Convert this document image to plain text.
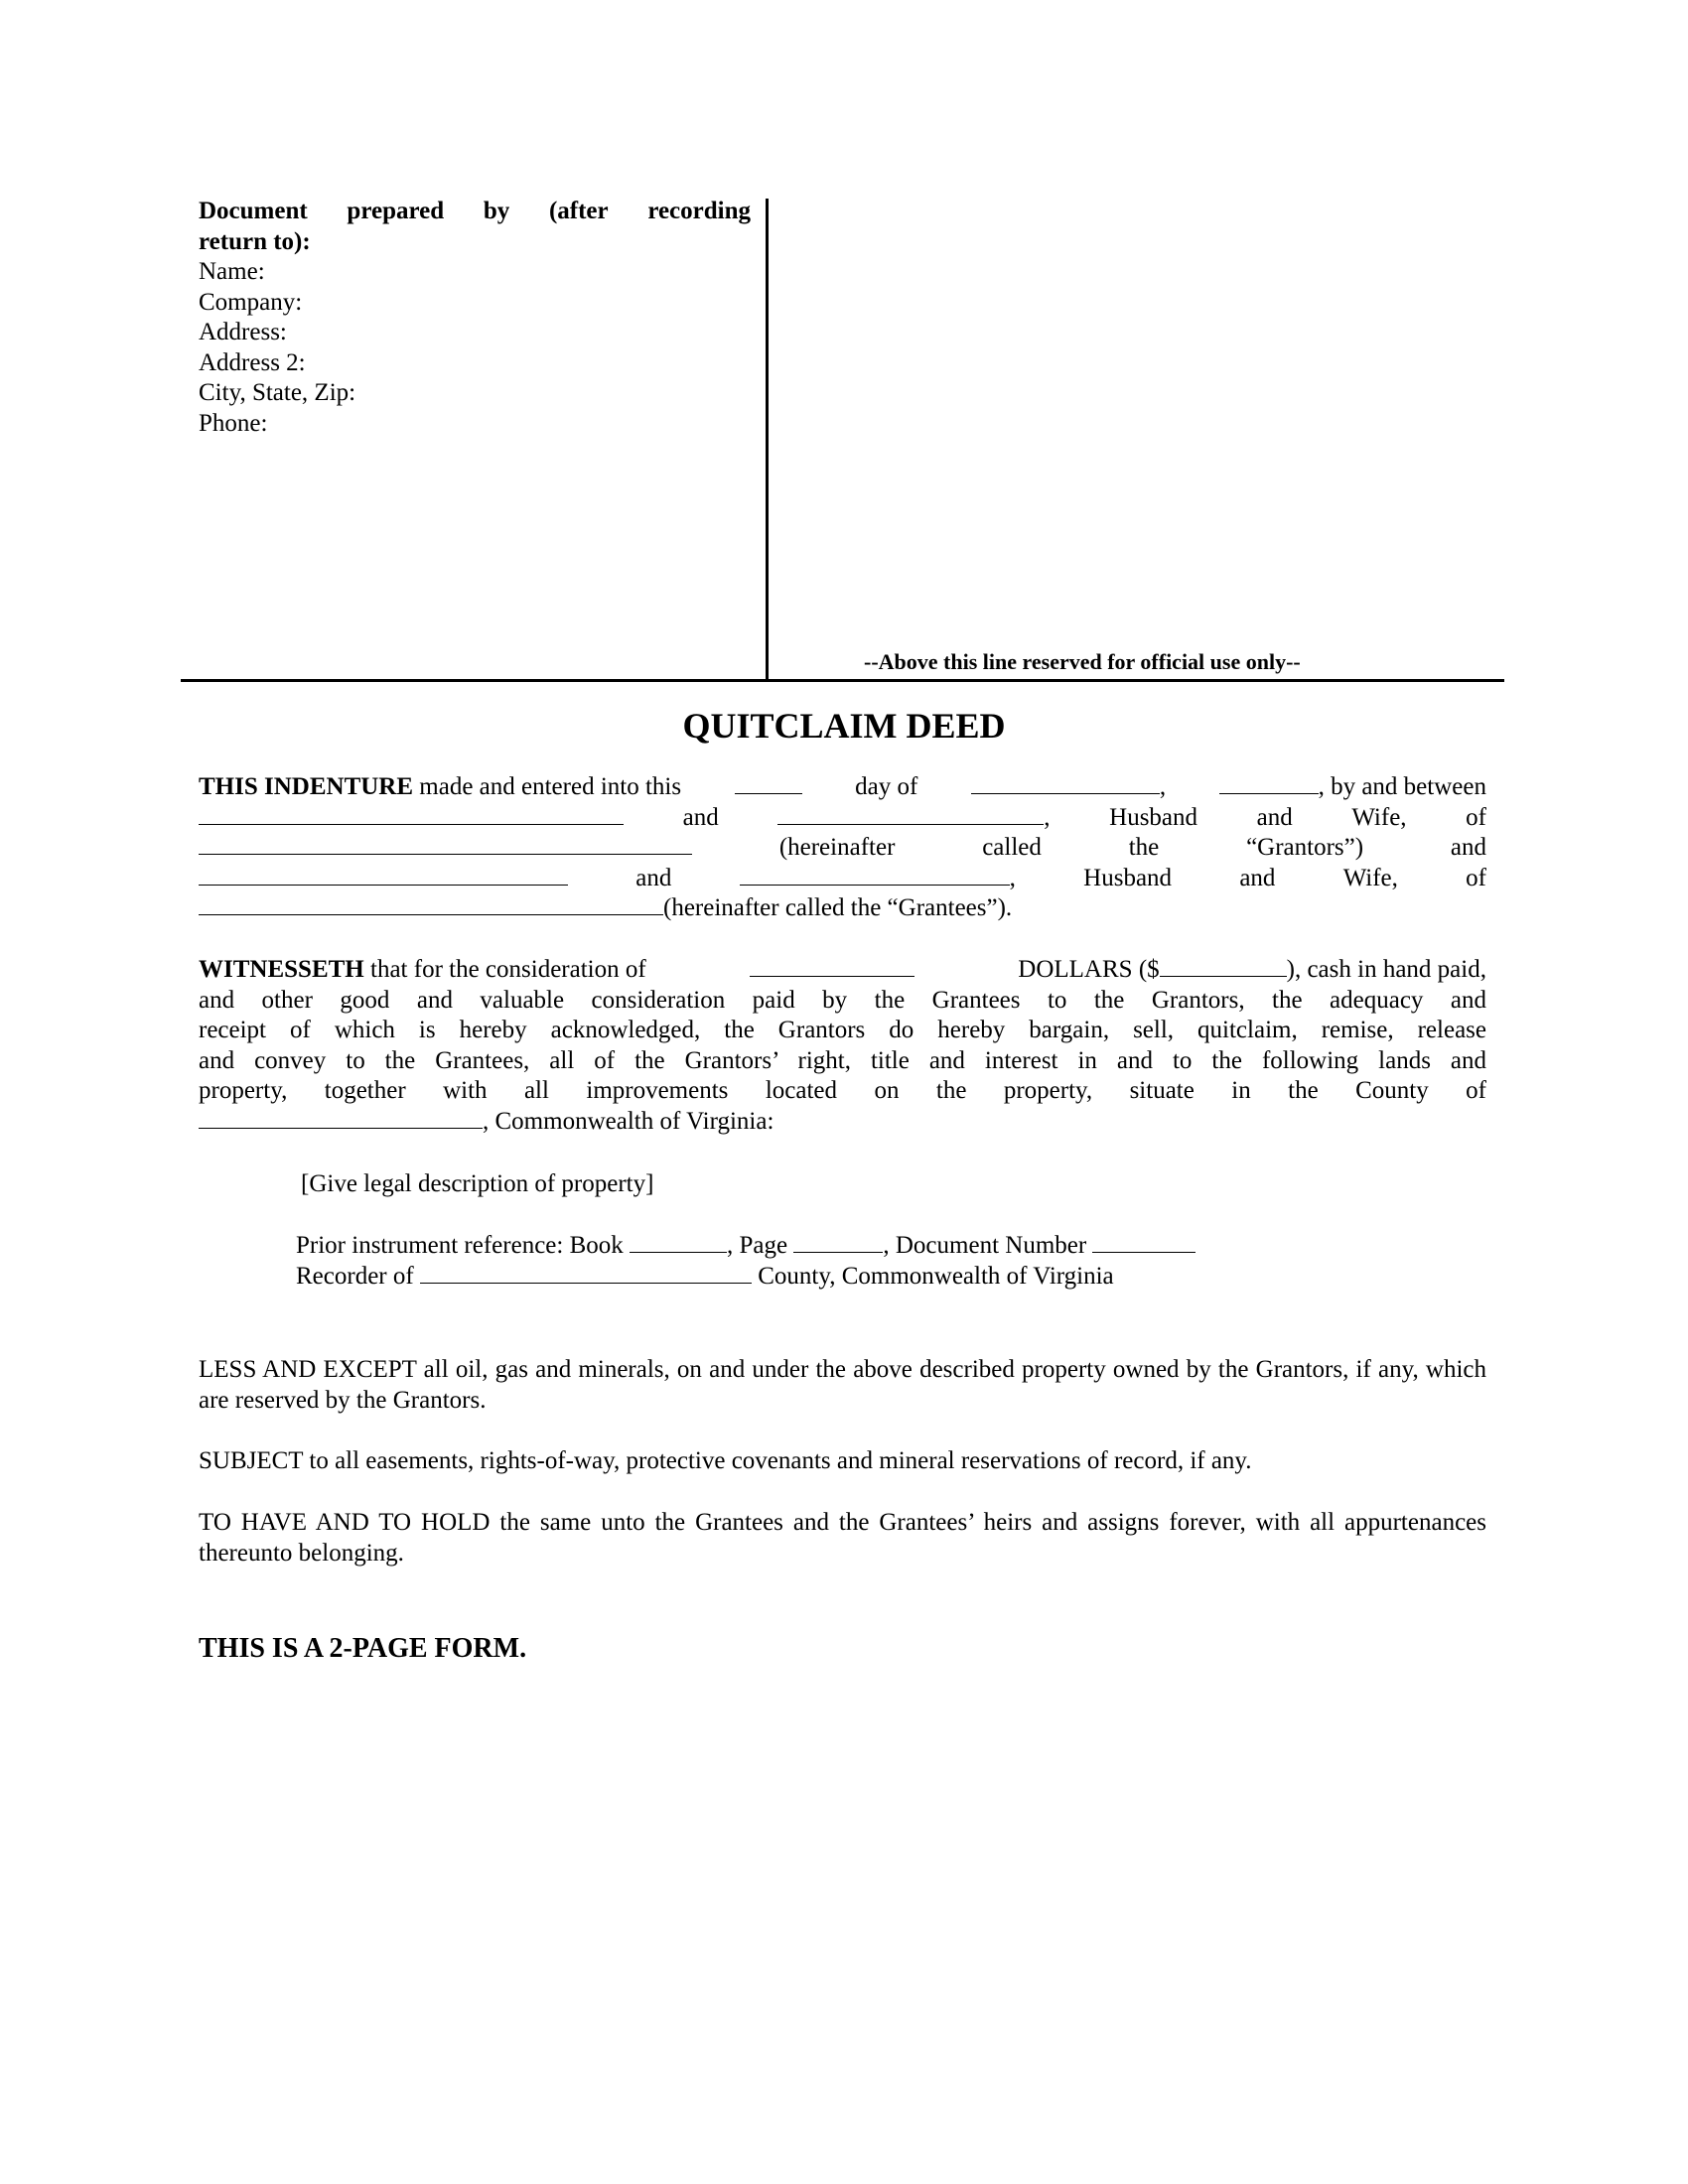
Document prepared by (after recording
return to):
Name:
Company:
Address:
Address 2:
City, State, Zip:
Phone:
--Above this line reserved for official use only--
QUITCLAIM DEED
THIS INDENTURE made and entered into this	day of	,	, by and between
and	, Husband and Wife, of
(hereinafter	called	the	“Grantors”)	and
and	,	Husband	and	Wife,	of
(hereinafter called the “Grantees”).
WITNESSETH that for the consideration of	DOLLARS ($	), cash in hand paid,
and other good and valuable consideration paid by the Grantees to the Grantors, the adequacy and
receipt of which is hereby acknowledged, the Grantors do hereby bargain, sell, quitclaim, remise, release
and convey to the Grantees, all of the Grantors’ right, title and interest in and to the following lands and
property, together with all improvements located on the property, situate in the County of
, Commonwealth of Virginia:
[Give legal description of property]
Prior instrument reference: Book	, Page	, Document Number
Recorder of	County, Commonwealth of Virginia
LESS AND EXCEPT all oil, gas and minerals, on and under the above described property owned by the Grantors, if any, which are reserved by the Grantors.
SUBJECT to all easements, rights-of-way, protective covenants and mineral reservations of record, if any.
TO HAVE AND TO HOLD the same unto the Grantees and the Grantees’ heirs and assigns forever, with all appurtenances thereunto belonging.
THIS IS A 2-PAGE FORM.
